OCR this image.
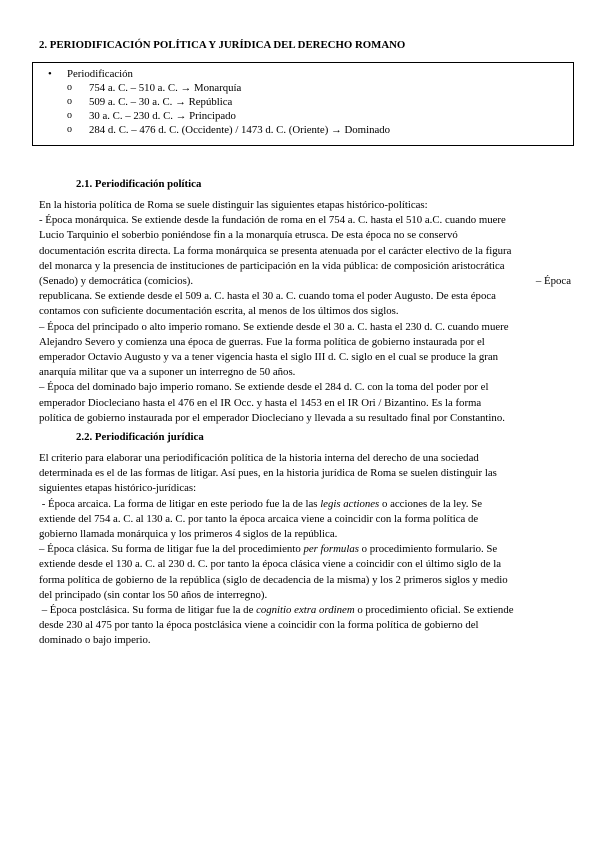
2. PERIODIFICACIÓN POLÍTICA Y JURÍDICA DEL DERECHO ROMANO
• Periodificación
o 754 a. C. – 510 a. C. → Monarquía
o 509 a. C. – 30 a. C. → República
o 30 a. C. – 230 d. C. → Principado
o 284 d. C. – 476 d. C. (Occidente) / 1473 d. C. (Oriente) → Dominado
2.1. Periodificación política

En la historia política de Roma se suele distinguir las siguientes etapas histórico-políticas:

- Época monárquica. Se extiende desde la fundación de roma en el 754 a. C. hasta el 510 a.C. cuando muere

Lucio Tarquinio el soberbio poniéndose fin a la monarquía etrusca. De esta época no se conservó

documentación escrita directa. La forma monárquica se presenta atenuada por el carácter electivo de la figura

del monarca y la presencia de instituciones de participación en la vida pública: de composición aristocrática

(Senado) y democrática (comicios).	– Época

republicana. Se extiende desde el 509 a. C. hasta el 30 a. C. cuando toma el poder Augusto. De esta época

contamos con suficiente documentación escrita, al menos de los últimos dos siglos.

– Época del principado o alto imperio romano. Se extiende desde el 30 a. C. hasta el 230 d. C. cuando muere

Alejandro Severo y comienza una época de guerras. Fue la forma política de gobierno instaurada por el

emperador Octavio Augusto y va a tener vigencia hasta el siglo III d. C. siglo en el cual se produce la gran

anarquía militar que va a suponer un interregno de 50 años.

– Época del dominado bajo imperio romano. Se extiende desde el 284 d. C. con la toma del poder por el

emperador Diocleciano hasta el 476 en el IR Occ. y hasta el 1453 en el IR Ori / Bizantino. Es la forma

política de gobierno instaurada por el emperador Diocleciano y llevada a su resultado final por Constantino.

2.2. Periodificación jurídica

El criterio para elaborar una periodificación política de la historia interna del derecho de una sociedad

determinada es el de las formas de litigar. Así pues, en la historia jurídica de Roma se suelen distinguir las

siguientes etapas histórico-jurídicas:

- Época arcaica. La forma de litigar en este periodo fue la de las legis actiones o acciones de la ley. Se

extiende del 754 a. C. al 130 a. C. por tanto la época arcaica viene a coincidir con la forma política de

gobierno llamada monárquica y los primeros 4 siglos de la república.

– Época clásica. Su forma de litigar fue la del procedimiento per formulas o procedimiento formulario. Se

extiende desde el 130 a. C. al 230 d. C. por tanto la época clásica viene a coincidir con el último siglo de la

forma política de gobierno de la república (siglo de decadencia de la misma) y los 2 primeros siglos y medio

del principado (sin contar los 50 años de interregno).

– Época postclásica. Su forma de litigar fue la de cognitio extra ordinem o procedimiento oficial. Se extiende

desde 230 al 475 por tanto la época postclásica viene a coincidir con la forma política de gobierno del

dominado o bajo imperio.
